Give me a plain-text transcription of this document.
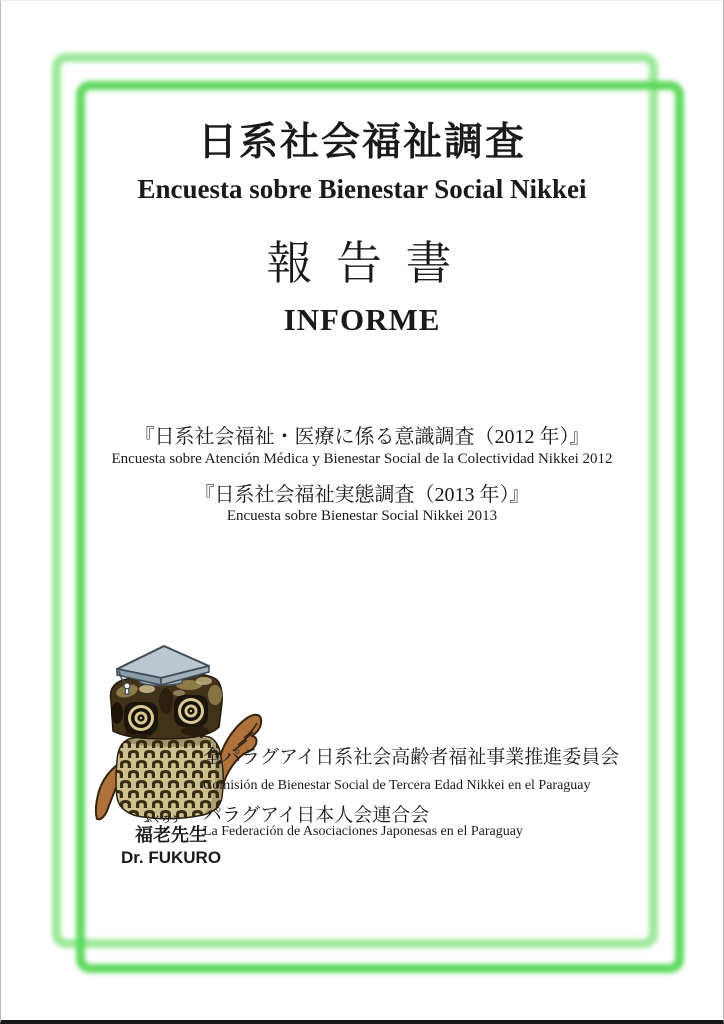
日系社会福祉調査
Encuesta sobre Bienestar Social Nikkei
報 告 書
INFORME
『日系社会福祉・医療に係る意識調査（2012 年）』
Encuesta sobre Atención Médica y Bienestar Social de la Colectividad Nikkei 2012
『日系社会福祉実態調査（2013 年）』
Encuesta sobre Bienestar Social Nikkei 2013
ふくろう
福老先生
Dr. FUKURO
全パラグアイ日系社会高齢者福祉事業推進委員会
Comisión de Bienestar Social de Tercera Edad Nikkei en el Paraguay
パラグアイ日本人会連合会
La Federación de Asociaciones Japonesas en el Paraguay
